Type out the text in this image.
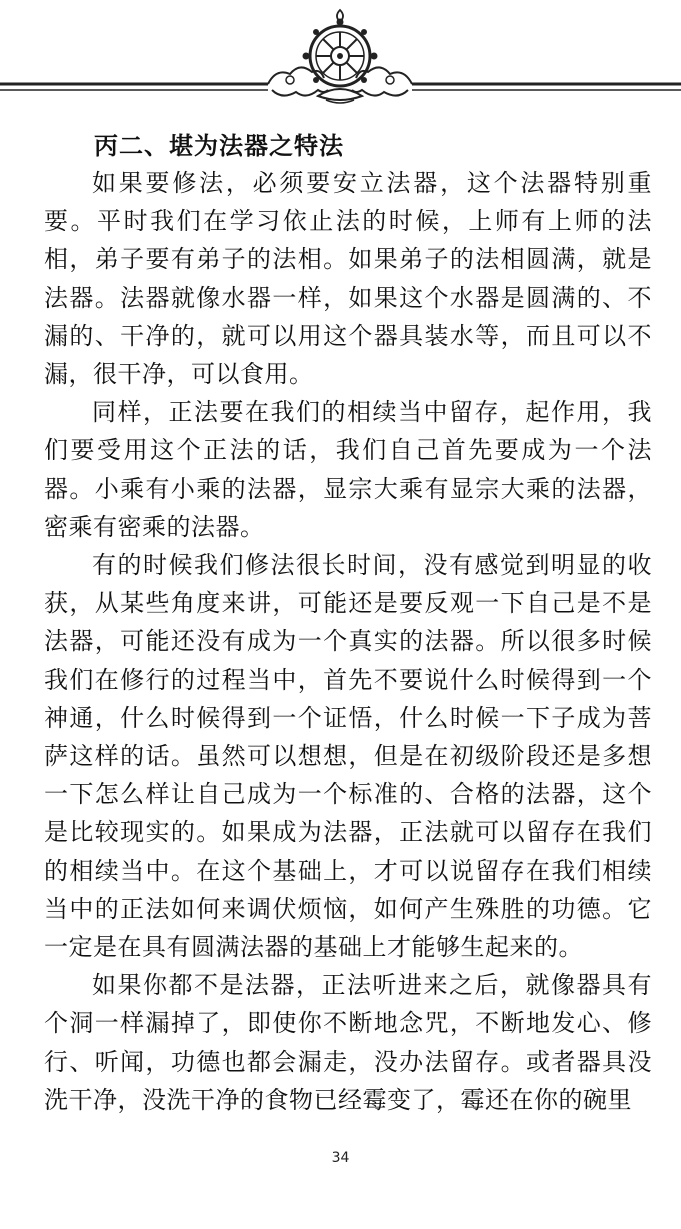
丙二、堪为法器之特法

如果要修法，必须要安立法器，这个法器特别重要。平时我们在学习依止法的时候，上师有上师的法相，弟子要有弟子的法相。如果弟子的法相圆满，就是法器。法器就像水器一样，如果这个水器是圆满的、不漏的、干净的，就可以用这个器具装水等，而且可以不漏，很干净，可以食用。

同样，正法要在我们的相续当中留存，起作用，我们要受用这个正法的话，我们自己首先要成为一个法器。小乘有小乘的法器，显宗大乘有显宗大乘的法器，密乘有密乘的法器。

有的时候我们修法很长时间，没有感觉到明显的收获，从某些角度来讲，可能还是要反观一下自己是不是法器，可能还没有成为一个真实的法器。所以很多时候我们在修行的过程当中，首先不要说什么时候得到一个神通，什么时候得到一个证悟，什么时候一下子成为菩萨这样的话。虽然可以想想，但是在初级阶段还是多想一下怎么样让自己成为一个标准的、合格的法器，这个是比较现实的。如果成为法器，正法就可以留存在我们的相续当中。在这个基础上，才可以说留存在我们相续当中的正法如何来调伏烦恼，如何产生殊胜的功德。它一定是在具有圆满法器的基础上才能够生起来的。

如果你都不是法器，正法听进来之后，就像器具有个洞一样漏掉了，即使你不断地念咒，不断地发心、修行、听闻，功德也都会漏走，没办法留存。或者器具没洗干净，没洗干净的食物已经霉变了，霉还在你的碗里

34
